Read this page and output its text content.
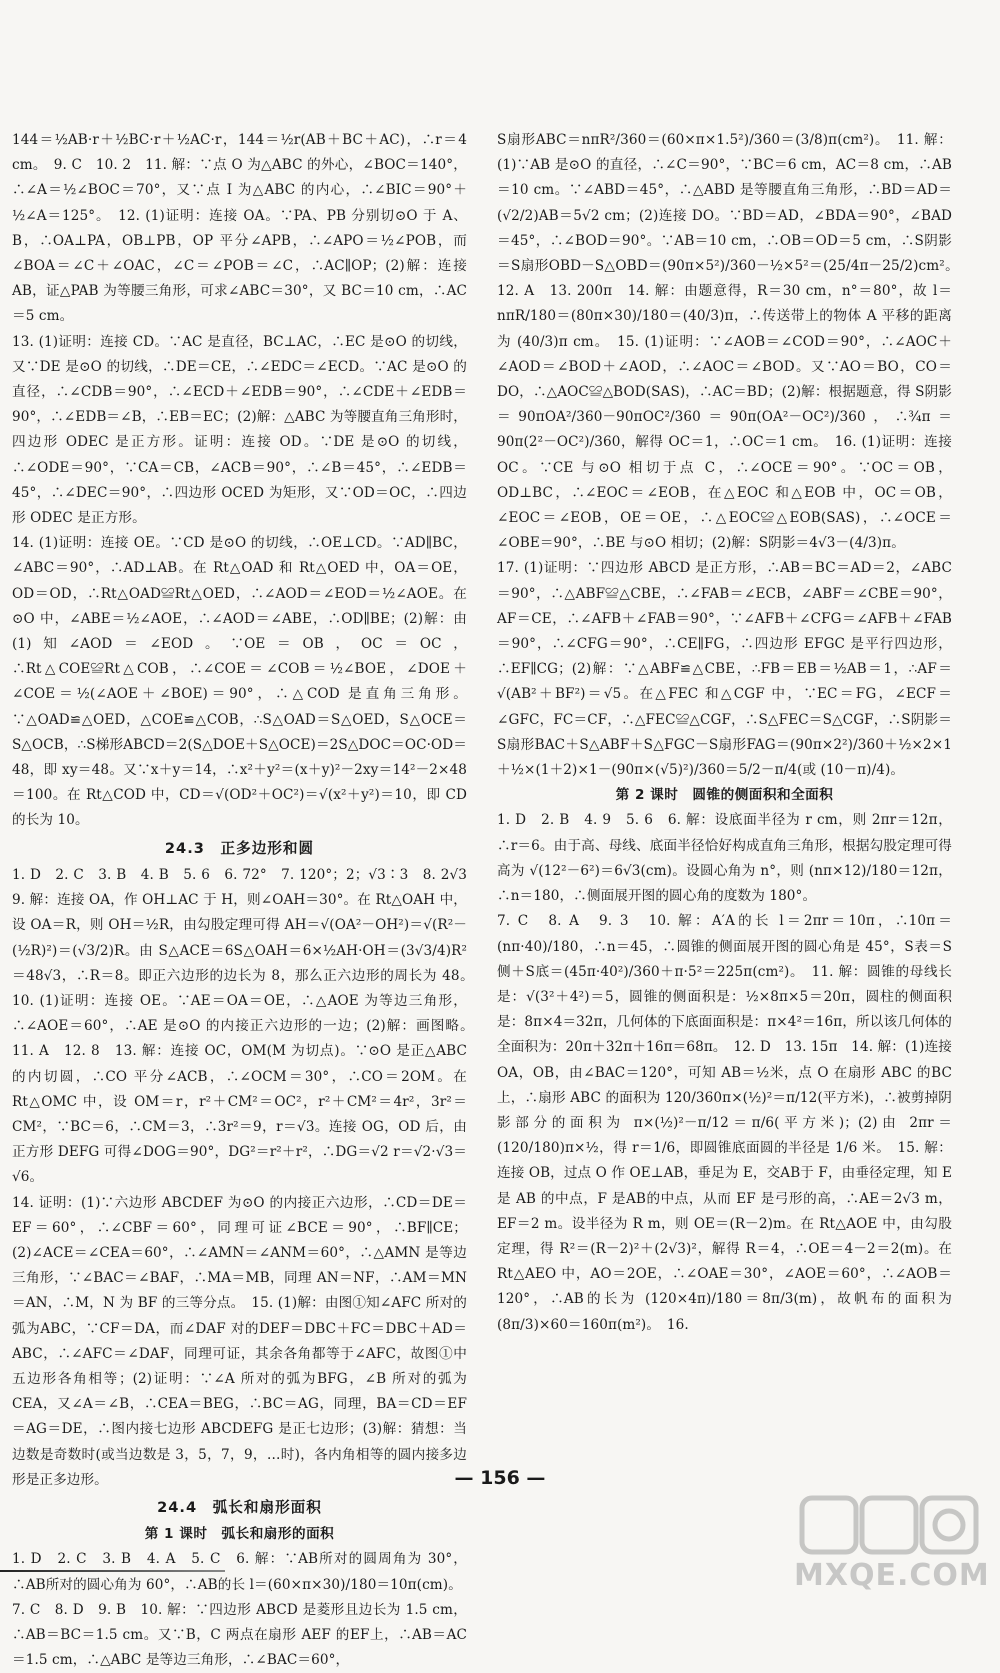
144＝½AB·r＋½BC·r＋½AC·r，144＝½r(AB＋BC＋AC)，∴r＝4 cm。　9. C　10. 2　11. 解：∵点 O 为△ABC 的外心，∠BOC＝140°，∴∠A＝½∠BOC＝70°，又∵点 I 为△ABC 的内心，∴∠BIC＝90°＋½∠A＝125°。　12. (1)证明：连接 OA。∵PA、PB 分别切⊙O 于 A、B，∴OA⊥PA，OB⊥PB，OP 平分∠APB，∴∠APO＝½∠POB，而∠BOA＝∠C＋∠OAC，∠C＝∠POB＝∠C，∴AC∥OP；(2)解：连接 AB，证△PAB 为等腰三角形，可求∠ABC＝30°，又 BC＝10 cm，∴AC＝5 cm。

13. (1)证明：连接 CD。∵AC 是直径，BC⊥AC，∴EC 是⊙O 的切线，又∵DE 是⊙O 的切线，∴DE＝CE，∴∠EDC＝∠ECD。∵AC 是⊙O 的直径，∴∠CDB＝90°，∴∠ECD＋∠EDB＝90°，∴∠CDE＋∠EDB＝90°，∴∠EDB＝∠B，∴EB＝EC；(2)解：△ABC 为等腰直角三角形时，四边形 ODEC 是正方形。证明：连接 OD。∵DE 是⊙O 的切线，∴∠ODE＝90°，∵CA＝CB，∠ACB＝90°，∴∠B＝45°，∴∠EDB＝45°，∴∠DEC＝90°，∴四边形 OCED 为矩形，又∵OD＝OC，∴四边形 ODEC 是正方形。

14. (1)证明：连接 OE。∵CD 是⊙O 的切线，∴OE⊥CD。∵AD∥BC，∠ABC＝90°，∴AD⊥AB。在 Rt△OAD 和 Rt△OED 中，OA＝OE，OD＝OD，∴Rt△OAD≌Rt△OED，∴∠AOD＝∠EOD＝½∠AOE。在⊙O 中，∠ABE＝½∠AOE，∴∠AOD＝∠ABE，∴OD∥BE；(2)解：由(1)知∠AOD＝∠EOD。∵OE＝OB，OC＝OC，∴Rt△COE≌Rt△COB，∴∠COE＝∠COB＝½∠BOE，∠DOE＋∠COE＝½(∠AOE＋∠BOE)＝90°，∴△COD 是直角三角形。∵△OAD≌△OED，△COE≌△COB，∴S△OAD＝S△OED，S△OCE＝S△OCB，∴S梯形ABCD＝2(S△DOE＋S△OCE)＝2S△DOC＝OC·OD＝48，即 xy＝48。又∵x＋y＝14，∴x²＋y²＝(x＋y)²－2xy＝14²－2×48＝100。在 Rt△COD 中，CD＝√(OD²＋OC²)＝√(x²＋y²)＝10，即 CD 的长为 10。

24.3　正多边形和圆

1. D　2. C　3. B　4. B　5. 6　6. 72°　7. 120°；2；√3∶3　8. 2√3　9. 解：连接 OA，作 OH⊥AC 于 H，则∠OAH＝30°。在 Rt△OAH 中，设 OA＝R，则 OH＝½R，由勾股定理可得 AH＝√(OA²－OH²)＝√(R²－(½R)²)＝(√3/2)R。由 S△ACE＝6S△OAH＝6×½AH·OH＝(3√3/4)R²＝48√3，∴R＝8。即正六边形的边长为 8，那么正六边形的周长为 48。　10. (1)证明：连接 OE。∵AE＝OA＝OE，∴△AOE 为等边三角形，∴∠AOE＝60°，∴AE 是⊙O 的内接正六边形的一边；(2)解：画图略。　11. A　12. 8　13. 解：连接 OC，OM(M 为切点)。∵⊙O 是正△ABC 的内切圆，∴CO 平分∠ACB，∴∠OCM＝30°，∴CO＝2OM。在 Rt△OMC 中，设 OM＝r，r²＋CM²＝OC²，r²＋CM²＝4r²，3r²＝CM²，∵BC＝6，∴CM＝3，∴3r²＝9，r＝√3。连接 OG，OD 后，由正方形 DEFG 可得∠DOG＝90°，DG²＝r²＋r²，∴DG＝√2 r＝√2·√3＝√6。

14. 证明：(1)∵六边形 ABCDEF 为⊙O 的内接正六边形，∴CD＝DE＝EF＝60°，∴∠CBF＝60°，同理可证∠BCE＝90°，∴BF∥CE；(2)∠ACE＝∠CEA＝60°，∴∠AMN＝∠ANM＝60°，∴△AMN 是等边三角形，∵∠BAC＝∠BAF，∴MA＝MB，同理 AN＝NF，∴AM＝MN＝AN，∴M，N 为 BF 的三等分点。　15. (1)解：由图①知∠AFC 所对的弧为ABC，∵CF＝DA，而∠DAF 对的DEF＝DBC＋FC＝DBC＋AD＝ABC，∴∠AFC＝∠DAF，同理可证，其余各角都等于∠AFC，故图①中五边形各角相等；(2)证明：∵∠A 所对的弧为BFG，∠B 所对的弧为CEA，又∠A＝∠B，∴CEA＝BEG，∴BC＝AG，同理，BA＝CD＝EF＝AG＝DE，∴图内接七边形 ABCDEFG 是正七边形；(3)解：猜想：当边数是奇数时(或当边数是 3，5，7，9，…时)，各内角相等的圆内接多边形是正多边形。

24.4　弧长和扇形面积
第 1 课时　弧长和扇形的面积

1. D　2. C　3. B　4. A　5. C　6. 解：∵AB所对的圆周角为 30°，∴AB所对的圆心角为 60°，∴AB的长 l＝(60×π×30)/180＝10π(cm)。

7. C　8. D　9. B　10. 解：∵四边形 ABCD 是菱形且边长为 1.5 cm，∴AB＝BC＝1.5 cm。又∵B，C 两点在扇形 AEF 的EF上，∴AB＝AC＝1.5 cm，∴△ABC 是等边三角形，∴∠BAC＝60°，

S扇形ABC＝nπR²/360＝(60×π×1.5²)/360＝(3/8)π(cm²)。　11. 解：(1)∵AB 是⊙O 的直径，∴∠C＝90°，∵BC＝6 cm，AC＝8 cm，∴AB＝10 cm。∵∠ABD＝45°，∴△ABD 是等腰直角三角形，∴BD＝AD＝(√2/2)AB＝5√2 cm；(2)连接 DO。∵BD＝AD，∠BDA＝90°，∠BAD＝45°，∴∠BOD＝90°。∵AB＝10 cm，∴OB＝OD＝5 cm，∴S阴影＝S扇形OBD－S△OBD＝(90π×5²)/360－½×5²＝(25/4π－25/2)cm²。　12. A　13. 200π　14. 解：由题意得，R＝30 cm，n°＝80°，故 l＝nπR/180＝(80π×30)/180＝(40/3)π，∴传送带上的物体 A 平移的距离为 (40/3)π cm。　15. (1)证明：∵∠AOB＝∠COD＝90°，∴∠AOC＋∠AOD＝∠BOD＋∠AOD，∴∠AOC＝∠BOD。又∵AO＝BO，CO＝DO，∴△AOC≌△BOD(SAS)，∴AC＝BD；(2)解：根据题意，得 S阴影＝90πOA²/360－90πOC²/360＝90π(OA²－OC²)/360，∴¾π＝90π(2²－OC²)/360，解得 OC＝1，∴OC＝1 cm。　16. (1)证明：连接 OC。∵CE 与⊙O 相切于点 C，∴∠OCE＝90°。∵OC＝OB，OD⊥BC，∴∠EOC＝∠EOB，在△EOC 和△EOB 中，OC＝OB，∠EOC＝∠EOB，OE＝OE，∴△EOC≌△EOB(SAS)，∴∠OCE＝∠OBE＝90°，∴BE 与⊙O 相切；(2)解：S阴影＝4√3－(4/3)π。

17. (1)证明：∵四边形 ABCD 是正方形，∴AB＝BC＝AD＝2，∠ABC＝90°，∴△ABF≌△CBE，∴∠FAB＝∠ECB，∠ABF＝∠CBE＝90°，AF＝CE，∴∠AFB＋∠FAB＝90°，∵∠AFB＋∠CFG＝∠AFB＋∠FAB＝90°，∴∠CFG＝90°，∴CE∥FG，∴四边形 EFGC 是平行四边形，∴EF∥CG；(2)解：∵△ABF≌△CBE，∴FB＝EB＝½AB＝1，∴AF＝√(AB²＋BF²)＝√5。在△FEC 和△CGF 中，∵EC＝FG，∠ECF＝∠GFC，FC＝CF，∴△FEC≌△CGF，∴S△FEC＝S△CGF，∴S阴影＝S扇形BAC＋S△ABF＋S△FGC－S扇形FAG＝(90π×2²)/360＋½×2×1＋½×(1＋2)×1－(90π×(√5)²)/360＝5/2－π/4(或 (10－π)/4)。

第 2 课时　圆锥的侧面积和全面积

1. D　2. B　4. 9　5. 6　6. 解：设底面半径为 r cm，则 2πr＝12π，∴r＝6。由于高、母线、底面半径恰好构成直角三角形，根据勾股定理可得高为 √(12²－6²)＝6√3(cm)。设圆心角为 n°，则 (nπ×12)/180＝12π，∴n＝180，∴侧面展开图的圆心角的度数为 180°。

7. C　8. A　9. 3　10. 解：A′A的长 l＝2πr＝10π，∴10π＝(nπ·40)/180，∴n＝45，∴圆锥的侧面展开图的圆心角是 45°，S表＝S侧＋S底＝(45π·40²)/360＋π·5²＝225π(cm²)。　11. 解：圆锥的母线长是：√(3²＋4²)＝5，圆锥的侧面积是：½×8π×5＝20π，圆柱的侧面积是：8π×4＝32π，几何体的下底面面积是：π×4²＝16π，所以该几何体的全面积为：20π＋32π＋16π＝68π。　12. D　13. 15π　14. 解：(1)连接 OA，OB，由∠BAC＝120°，可知 AB＝½米，点 O 在扇形 ABC 的BC上，∴扇形 ABC 的面积为 120/360π×(½)²＝π/12(平方米)，∴被剪掉阴影部分的面积为 π×(½)²－π/12＝π/6(平方米)；(2)由 2πr＝(120/180)π×½，得 r＝1/6，即圆锥底面圆的半径是 1/6 米。　15. 解：连接 OB，过点 O 作 OE⊥AB，垂足为 E，交AB于 F，由垂径定理，知 E 是 AB 的中点，F 是AB的中点，从而 EF 是弓形的高，∴AE＝2√3 m，EF＝2 m。设半径为 R m，则 OE＝(R－2)m。在 Rt△AOE 中，由勾股定理，得 R²＝(R－2)²＋(2√3)²，解得 R＝4，∴OE＝4－2＝2(m)。在 Rt△AEO 中，AO＝2OE，∴∠OAE＝30°，∠AOE＝60°，∴∠AOB＝120°，∴AB的长为 (120×4π)/180＝8π/3(m)，故帆布的面积为 (8π/3)×60＝160π(m²)。　16.

— 156 —
MXQE.COM
